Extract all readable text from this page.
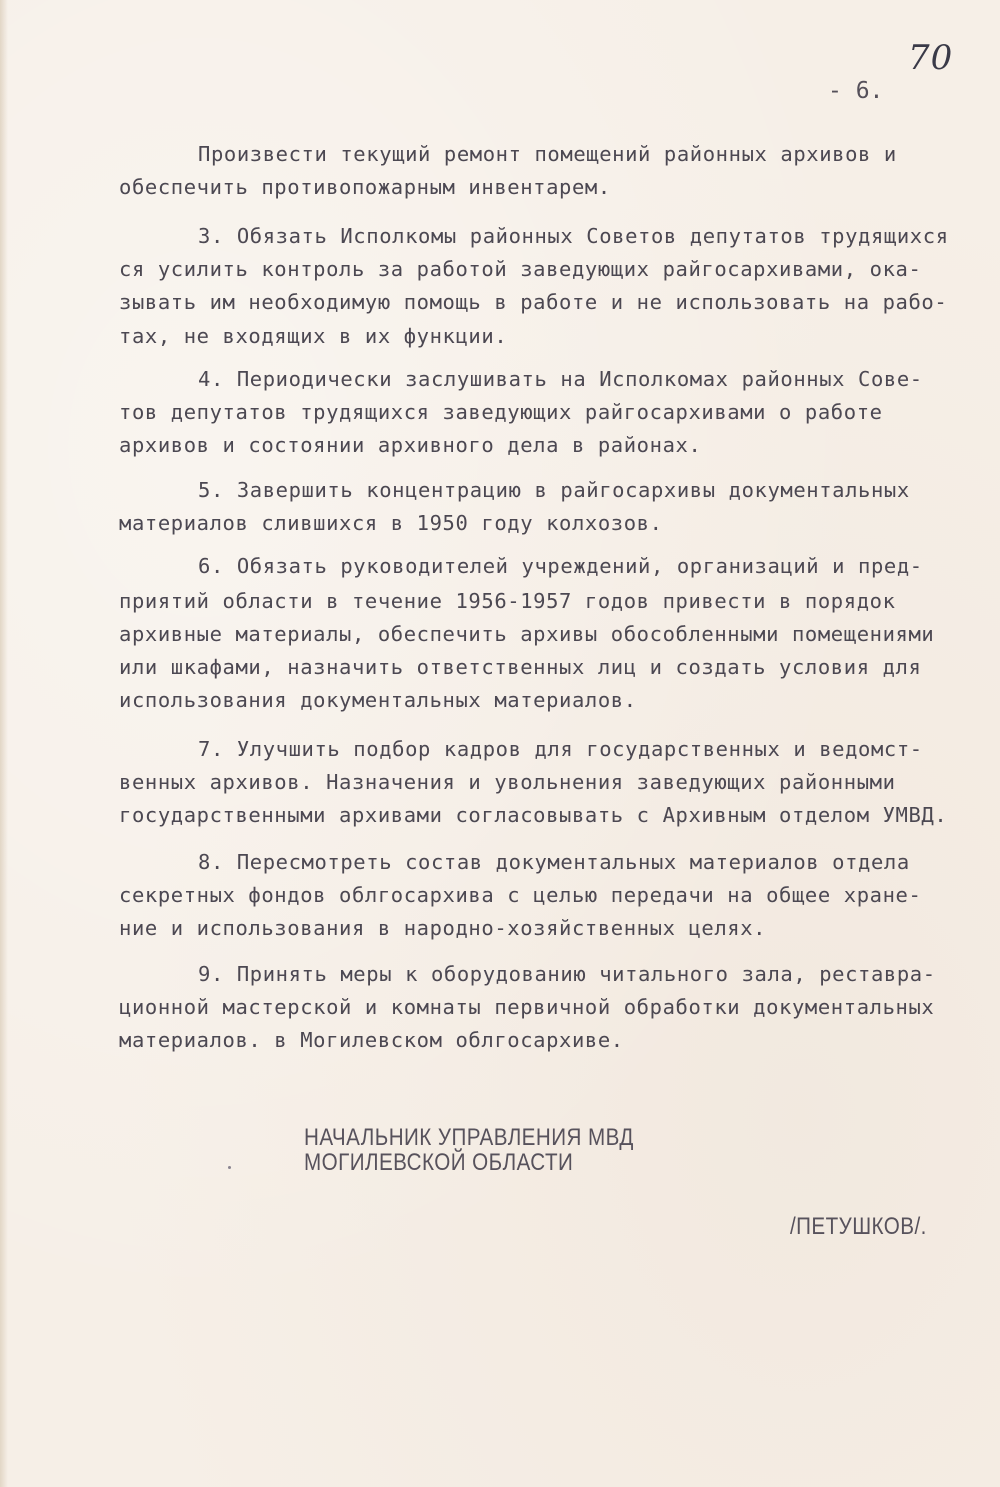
70
- 6.
Произвести текущий ремонт помещений районных архивов и
обеспечить противопожарным инвентарем.
3. Обязать Исполкомы районных Советов депутатов трудящихся
ся усилить контроль за работой заведующих райгосархивами, ока-
зывать им необходимую помощь в работе и не использовать на рабо-
тах, не входящих в их функции.
4. Периодически заслушивать на Исполкомах районных Сове-
тов депутатов трудящихся заведующих райгосархивами о работе
архивов и состоянии архивного дела в районах.
5. Завершить концентрацию в райгосархивы документальных
материалов слившихся в 1950 году колхозов.
6. Обязать руководителей учреждений, организаций и пред-
приятий области в течение 1956-1957 годов привести в порядок
архивные материалы, обеспечить архивы обособленными помещениями
или шкафами, назначить ответственных лиц и создать условия для
использования документальных материалов.
7. Улучшить подбор кадров для государственных и ведомст-
венных архивов. Назначения и увольнения заведующих районными
государственными архивами согласовывать с Архивным отделом УМВД.
8. Пересмотреть состав документальных материалов отдела
секретных фондов облгосархива с целью передачи на общее хране-
ние и использования в народно-хозяйственных целях.
9. Принять меры к оборудованию читального зала, реставра-
ционной мастерской и комнаты первичной обработки документальных
материалов. в Могилевском облгосархиве.
НАЧАЛЬНИК УПРАВЛЕНИЯ МВД
МОГИЛЕВСКОЙ ОБЛАСТИ
/ПЕТУШКОВ/.
